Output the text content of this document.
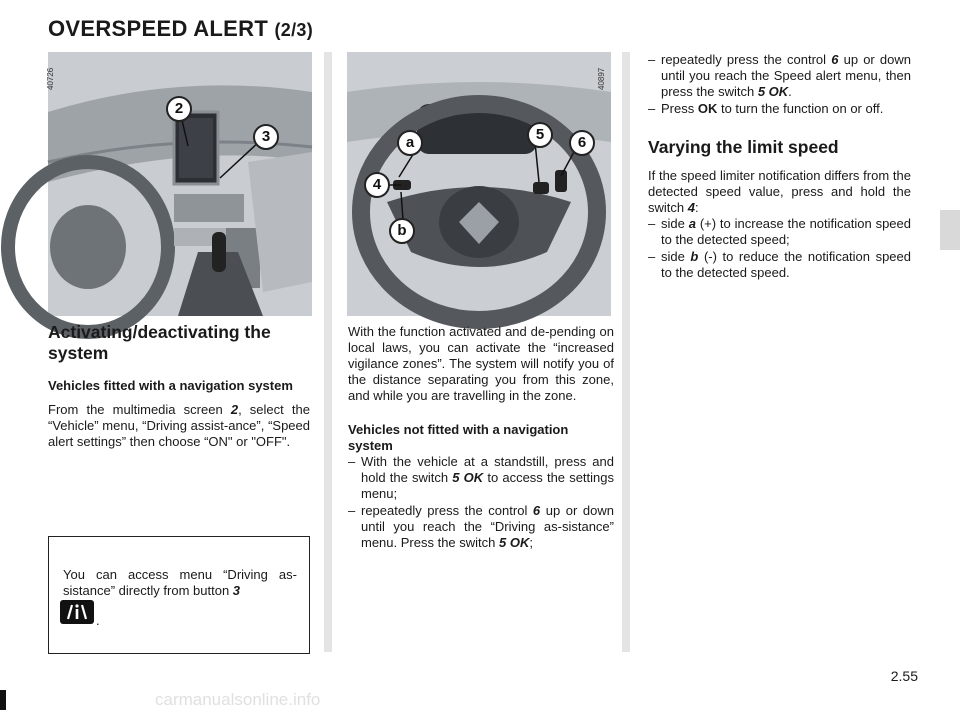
OVERSPEED ALERT (2/3)
40726
2
3
40897
a	5	6
4
b
Activating/deactivating the system
Vehicles fitted with a navigation system
From the multimedia screen 2, select the “Vehicle” menu, “Driving assist-ance”, “Speed alert settings” then choose “ON" or "OFF".
You can access menu “Driving as-sistance” directly from button 3
.
With the function activated and de-pending on local laws, you can activate the “increased vigilance zones”. The system will notify you of the distance separating you from this zone, and while you are travelling in the zone.
Vehicles not fitted with a navigation system
– With the vehicle at a standstill, press and hold the switch 5 OK to access the settings menu;
– repeatedly press the control 6 up or down until you reach the “Driving as-sistance” menu. Press the switch 5 OK;
– repeatedly press the control 6 up or down until you reach the Speed alert menu, then press the switch 5 OK.
– Press OK to turn the function on or off.
Varying the limit speed
If the speed limiter notification differs from the detected speed value, press and hold the switch 4:
– side a (+) to increase the notification speed to the detected speed;
– side b (-) to reduce the notification speed to the detected speed.
2.55
carmanualsonline.info
